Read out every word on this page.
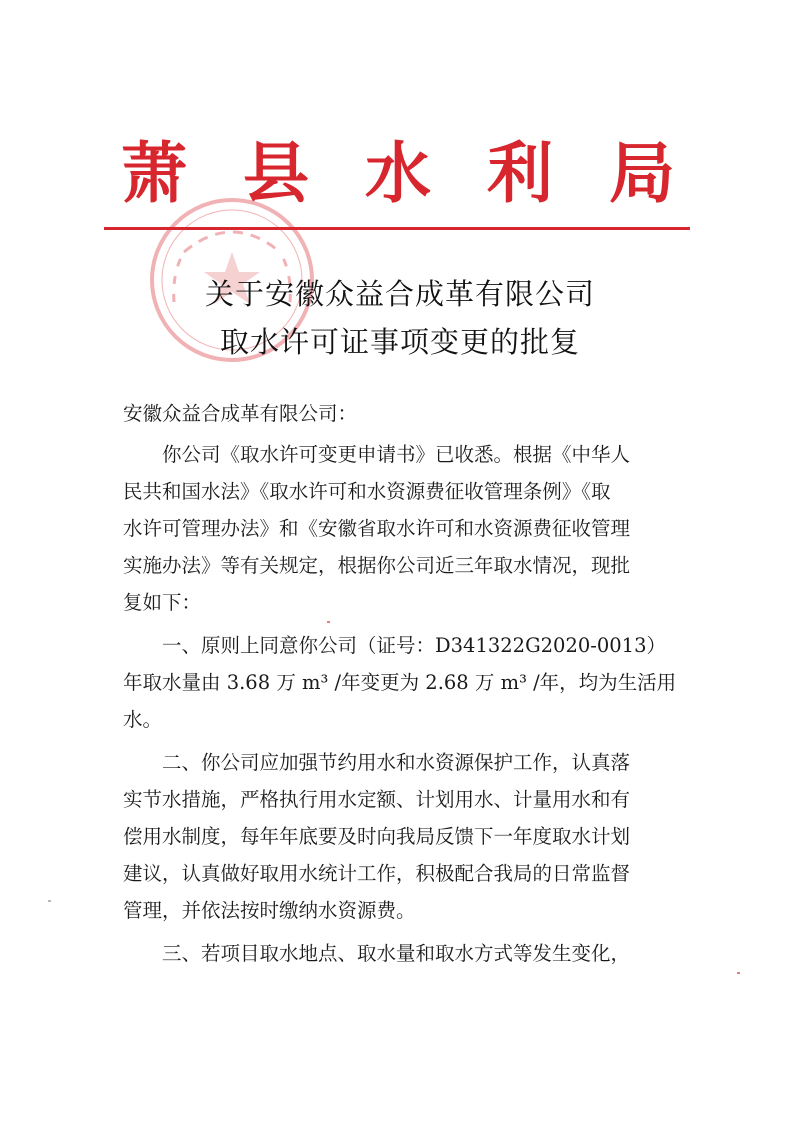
萧 县 水 利 局
关于安徽众益合成革有限公司
取水许可证事项变更的批复
安徽众益合成革有限公司：
　　你公司《取水许可变更申请书》已收悉。根据《中华人
民共和国水法》《取水许可和水资源费征收管理条例》《取
水许可管理办法》和《安徽省取水许可和水资源费征收管理
实施办法》等有关规定，根据你公司近三年取水情况，现批
复如下：
　　一、原则上同意你公司（证号：D341322G2020-0013）
年取水量由 3.68 万 m³ /年变更为 2.68 万 m³ /年，均为生活用
水。
　　二、你公司应加强节约用水和水资源保护工作，认真落
实节水措施，严格执行用水定额、计划用水、计量用水和有
偿用水制度，每年年底要及时向我局反馈下一年度取水计划
建议，认真做好取用水统计工作，积极配合我局的日常监督
管理，并依法按时缴纳水资源费。
　　三、若项目取水地点、取水量和取水方式等发生变化，
